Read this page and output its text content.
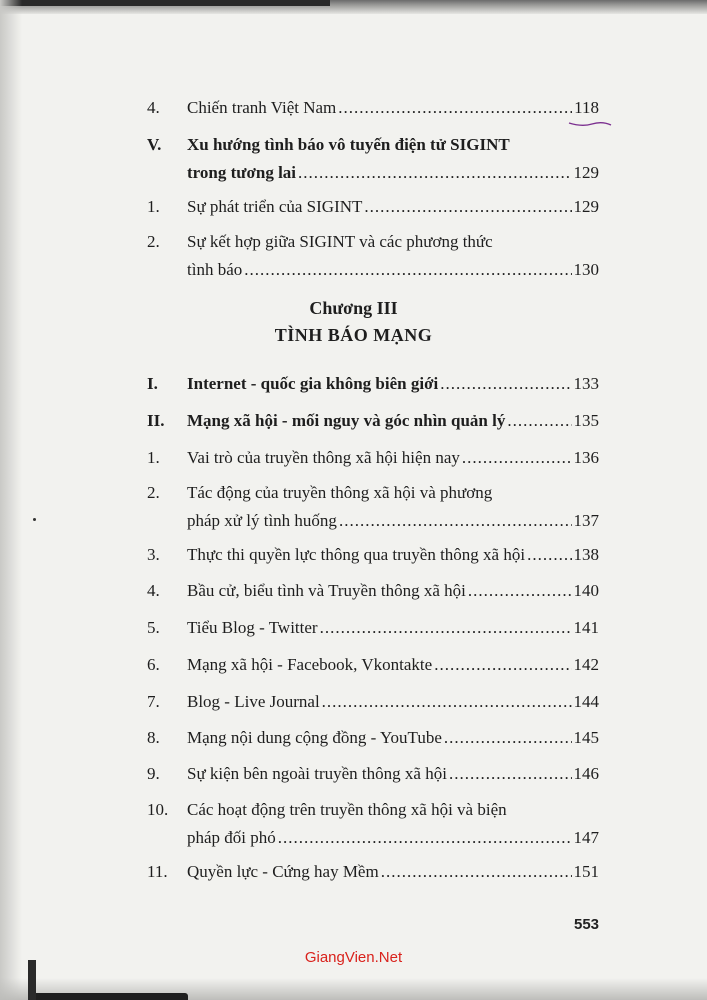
4.	Chiến tranh Việt Nam .....	118
V.	Xu hướng tình báo vô tuyến điện tử SIGINT
trong tương lai .....	129
1.	Sự phát triển của SIGINT .....	129
2.	Sự kết hợp giữa SIGINT và các phương thức
tình báo .....	130
Chương III
TÌNH BÁO MẠNG
I.	Internet - quốc gia không biên giới .....	133
II.	Mạng xã hội - mối nguy và góc nhìn quản lý .....	135
1.	Vai trò của truyền thông xã hội hiện nay .....	136
2.	Tác động của truyền thông xã hội và phương
pháp xử lý tình huống .....	137
3.	Thực thi quyền lực thông qua truyền thông xã hội .....	138
4.	Bầu cử, biểu tình và Truyền thông xã hội .....	140
5.	Tiểu Blog - Twitter .....	141
6.	Mạng xã hội - Facebook, Vkontakte .....	142
7.	Blog - Live Journal .....	144
8.	Mạng nội dung cộng đồng - YouTube .....	145
9.	Sự kiện bên ngoài truyền thông xã hội .....	146
10.	Các hoạt động trên truyền thông xã hội và biện
pháp đối phó .....	147
11.	Quyền lực - Cứng hay Mềm .....	151
553
GiangVien.Net
